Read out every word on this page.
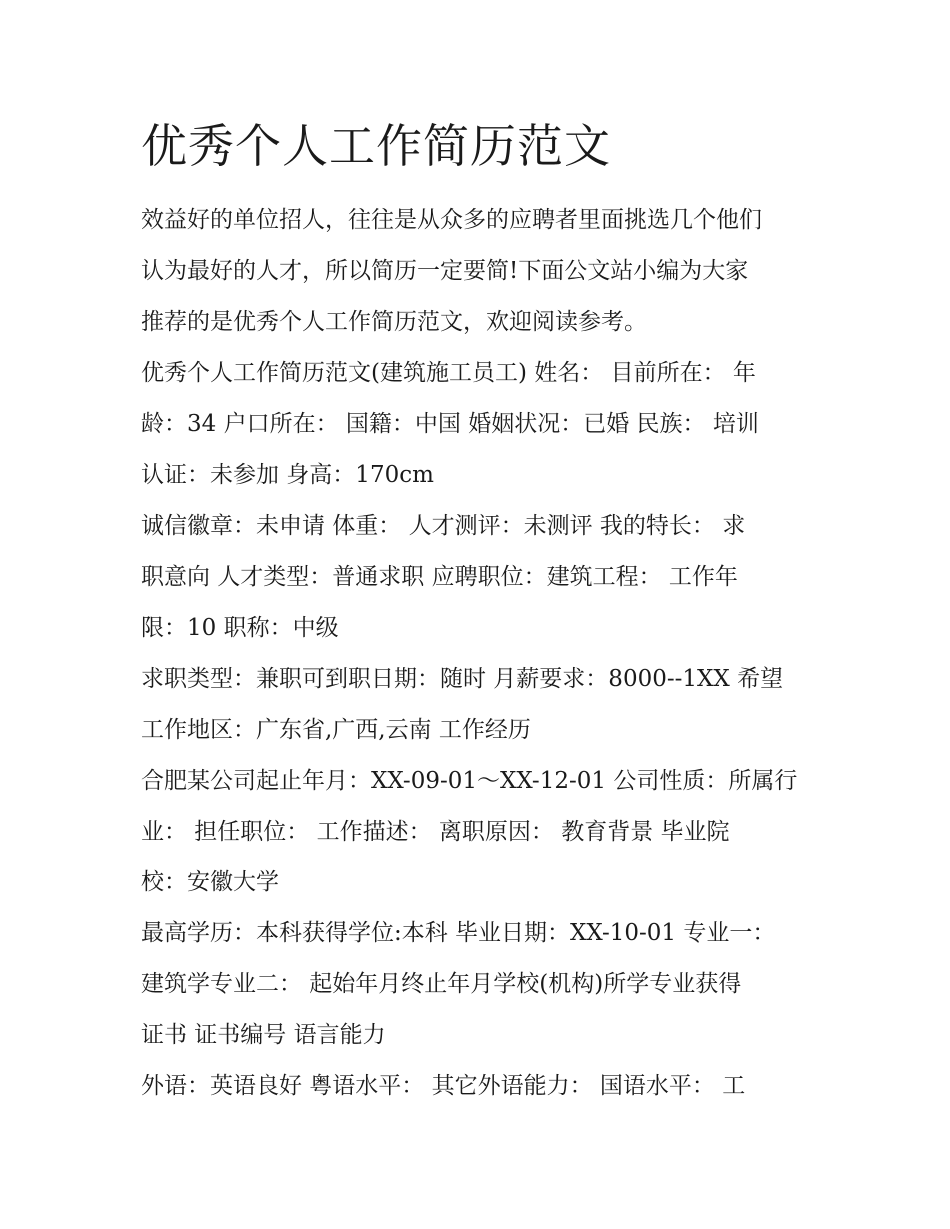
优秀个人工作简历范文

效益好的单位招人，往往是从众多的应聘者里面挑选几个他们

认为最好的人才，所以简历一定要简!下面公文站小编为大家

推荐的是优秀个人工作简历范文，欢迎阅读参考。

优秀个人工作简历范文(建筑施工员工) 姓名： 目前所在： 年

龄：34 户口所在： 国籍：中国 婚姻状况：已婚 民族： 培训

认证：未参加 身高：170cm

诚信徽章：未申请 体重： 人才测评：未测评 我的特长： 求

职意向 人才类型：普通求职 应聘职位：建筑工程： 工作年

限：10 职称：中级

求职类型：兼职可到职日期：随时 月薪要求：8000--1XX 希望

工作地区：广东省,广西,云南 工作经历

合肥某公司起止年月：XX-09-01～XX-12-01 公司性质：所属行

业： 担任职位： 工作描述： 离职原因： 教育背景 毕业院

校：安徽大学

最高学历：本科获得学位:本科 毕业日期：XX-10-01 专业一：

建筑学专业二： 起始年月终止年月学校(机构)所学专业获得

证书 证书编号 语言能力

外语：英语良好 粤语水平： 其它外语能力： 国语水平： 工
